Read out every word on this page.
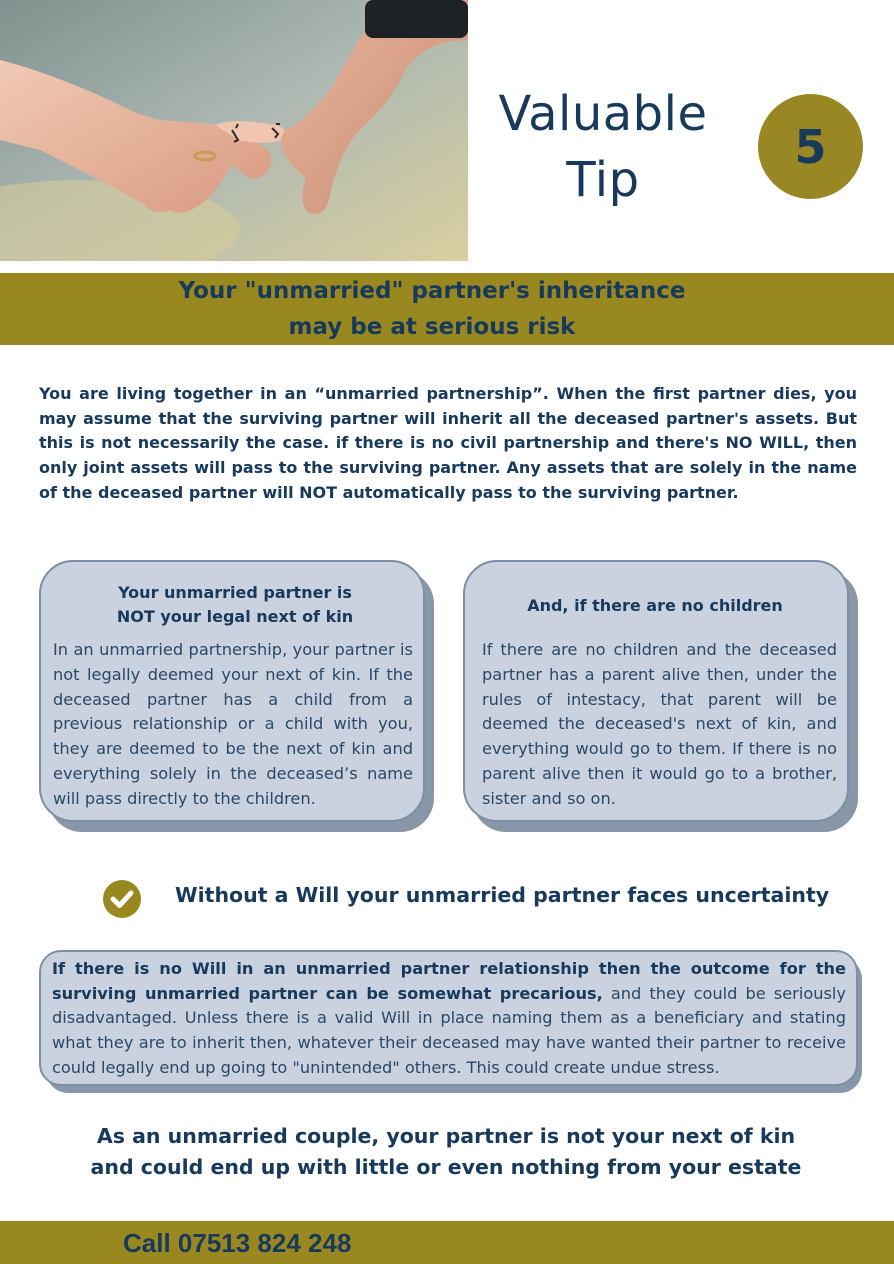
Valuable
Tip
5
Your "unmarried" partner's inheritance
may be at serious risk

You are living together in an “unmarried partnership”. When the first partner dies, you may assume that the surviving partner will inherit all the deceased partner's assets. But this is not necessarily the case. if there is no civil partnership and there's NO WILL, then only joint assets will pass to the surviving partner. Any assets that are solely in the name of the deceased partner will NOT automatically pass to the surviving partner.

Your unmarried partner is
NOT your legal next of kin

In an unmarried partnership, your partner is not legally deemed your next of kin. If the deceased partner has a child from a previous relationship or a child with you, they are deemed to be the next of kin and everything solely in the deceased’s name will pass directly to the children.

And, if there are no children

If there are no children and the deceased partner has a parent alive then, under the rules of intestacy, that parent will be deemed the deceased's next of kin, and everything would go to them. If there is no parent alive then it would go to a brother, sister and so on.

Without a Will your unmarried partner faces uncertainty

If there is no Will in an unmarried partner relationship then the outcome for the surviving unmarried partner can be somewhat precarious, and they could be seriously disadvantaged. Unless there is a valid Will in place naming them as a beneficiary and stating what they are to inherit then, whatever their deceased may have wanted their partner to receive could legally end up going to "unintended" others. This could create undue stress.

As an unmarried couple, your partner is not your next of kin
and could end up with little or even nothing from your estate
Call 07513 824 248
